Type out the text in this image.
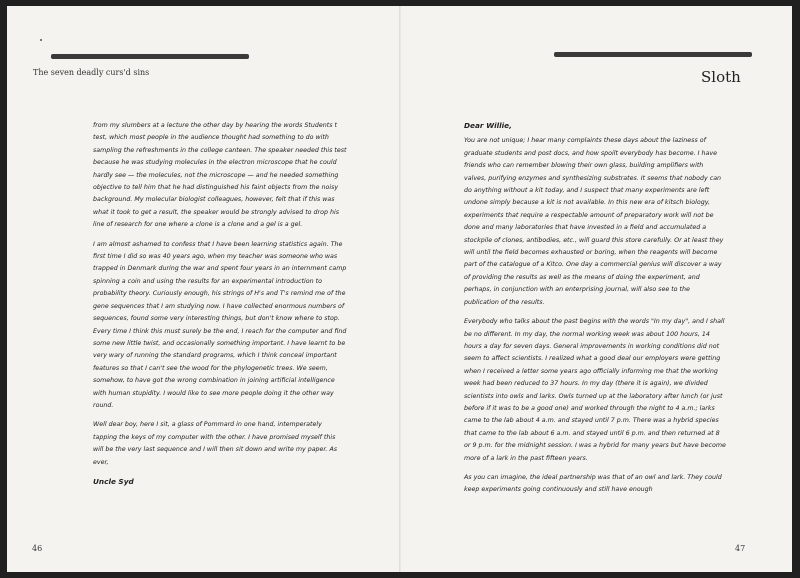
The seven deadly curs'd sins	Sloth

from my slumbers at a lecture the other day by hearing the words Students t test, which most people in the audience thought had something to do with sampling the refreshments in the college canteen. The speaker needed this test because he was studying molecules in the electron microscope that he could hardly see — the molecules, not the microscope — and he needed something objective to tell him that he had distinguished his faint objects from the noisy background. My molecular biologist colleagues, however, felt that if this was what it took to get a result, the speaker would be strongly advised to drop his line of research for one where a clone is a clone and a gel is a gel.

I am almost ashamed to confess that I have been learning statistics again. The first time I did so was 40 years ago, when my teacher was someone who was trapped in Denmark during the war and spent four years in an internment camp spinning a coin and using the results for an experimental introduction to probability theory. Curiously enough, his strings of H's and T's remind me of the gene sequences that I am studying now. I have collected enormous numbers of sequences, found some very interesting things, but don't know where to stop. Every time I think this must surely be the end, I reach for the computer and find some new little twist, and occasionally something important. I have learnt to be very wary of running the standard programs, which I think conceal important features so that I can't see the wood for the phylogenetic trees. We seem, somehow, to have got the wrong combination in joining artificial intelligence with human stupidity. I would like to see more people doing it the other way round.

Well dear boy, here I sit, a glass of Pommard in one hand, intemperately tapping the keys of my computer with the other. I have promised myself this will be the very last sequence and I will then sit down and write my paper. As ever,

Uncle Syd

Dear Willie,

You are not unique; I hear many complaints these days about the laziness of graduate students and post docs, and how spoilt everybody has become. I have friends who can remember blowing their own glass, building amplifiers with valves, purifying enzymes and synthesizing substrates. It seems that nobody can do anything without a kit today, and I suspect that many experiments are left undone simply because a kit is not available. In this new era of kitsch biology, experiments that require a respectable amount of preparatory work will not be done and many laboratories that have invested in a field and accumulated a stockpile of clones, antibodies, etc., will guard this store carefully. Or at least they will until the field becomes exhausted or boring, when the reagents will become part of the catalogue of a Kitco. One day a commercial genius will discover a way of providing the results as well as the means of doing the experiment, and perhaps, in conjunction with an enterprising journal, will also see to the publication of the results.

Everybody who talks about the past begins with the words "In my day", and I shall be no different. In my day, the normal working week was about 100 hours, 14 hours a day for seven days. General improvements in working conditions did not seem to affect scientists. I realized what a good deal our employers were getting when I received a letter some years ago officially informing me that the working week had been reduced to 37 hours. In my day (there it is again), we divided scientists into owls and larks. Owls turned up at the laboratory after lunch (or just before if it was to be a good one) and worked through the night to 4 a.m.; larks came to the lab about 4 a.m. and stayed until 7 p.m. There was a hybrid species that came to the lab about 6 a.m. and stayed until 6 p.m. and then returned at 8 or 9 p.m. for the midnight session. I was a hybrid for many years but have become more of a lark in the past fifteen years.

As you can imagine, the ideal partnership was that of an owl and lark. They could keep experiments going continuously and still have enough

46	47
